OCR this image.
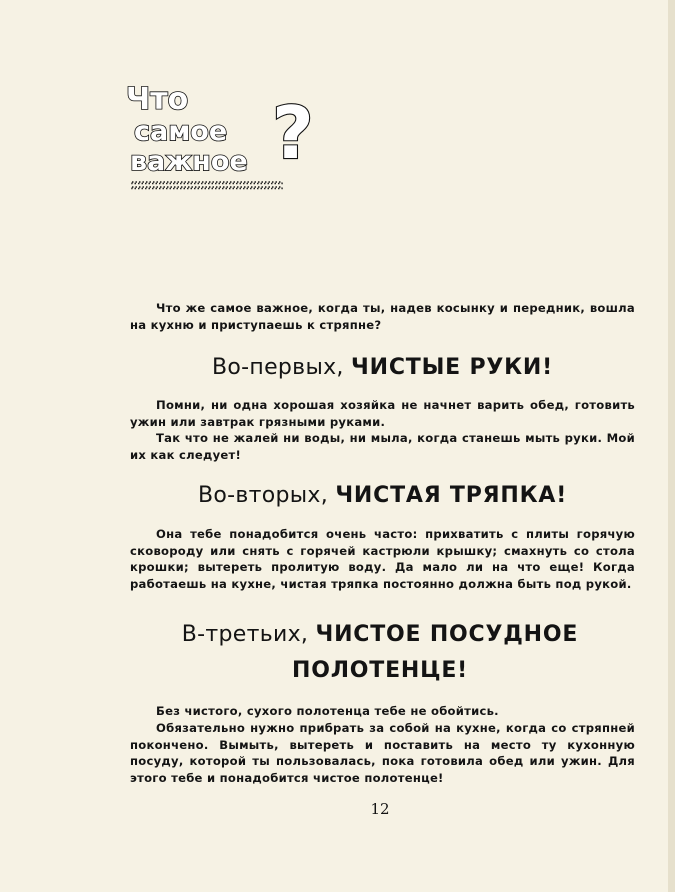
Что
самое
важное ?

Что же самое важное, когда ты, надев косынку и передник, вошла на кухню и приступаешь к стряпне?

Во-первых, ЧИСТЫЕ РУКИ!

Помни, ни одна хорошая хозяйка не начнет варить обед, готовить ужин или завтрак грязными руками.

Так что не жалей ни воды, ни мыла, когда станешь мыть руки. Мой их как следует!

Во-вторых, ЧИСТАЯ ТРЯПКА!

Она тебе понадобится очень часто: прихватить с плиты горячую сковороду или снять с горячей кастрюли крышку; смахнуть со стола крошки; вытереть пролитую воду. Да мало ли на что еще! Когда работаешь на кухне, чистая тряпка постоянно должна быть под рукой.

В-третьих, ЧИСТОЕ ПОСУДНОЕ ПОЛОТЕНЦЕ!

Без чистого, сухого полотенца тебе не обойтись.

Обязательно нужно прибрать за собой на кухне, когда со стряпней покончено. Вымыть, вытереть и поставить на место ту кухонную посуду, которой ты пользовалась, пока готовила обед или ужин. Для этого тебе и понадобится чистое полотенце!

12
